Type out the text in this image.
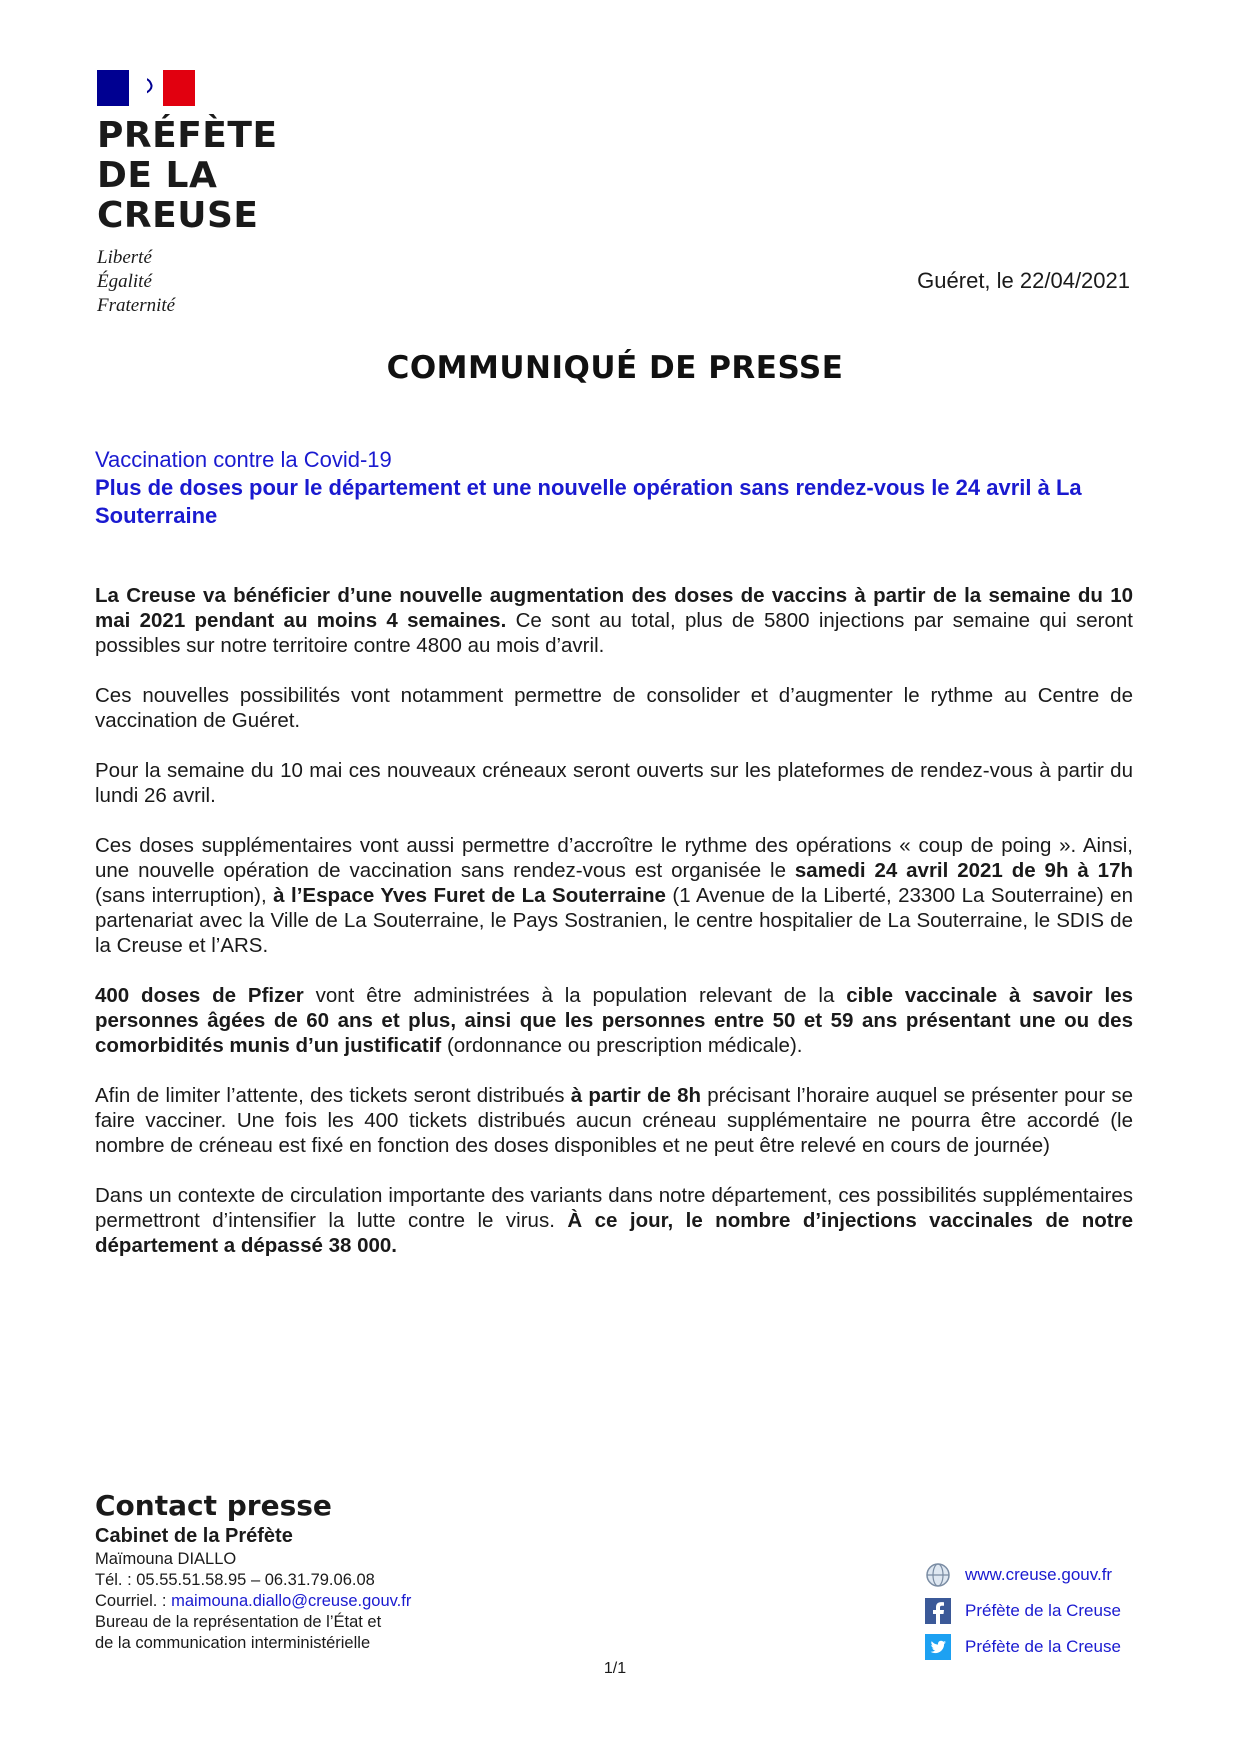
PRÉFÈTE
DE LA CREUSE
Liberté
Égalité
Fraternité
Guéret, le 22/04/2021
COMMUNIQUÉ DE PRESSE
Vaccination contre la Covid-19
Plus de doses pour le département et une nouvelle opération sans rendez-vous le 24 avril à La Souterraine

La Creuse va bénéficier d’une nouvelle augmentation des doses de vaccins à partir de la semaine du 10 mai 2021 pendant au moins 4 semaines. Ce sont au total, plus de 5800 injections par semaine qui seront possibles sur notre territoire contre 4800 au mois d’avril.

Ces nouvelles possibilités vont notamment permettre de consolider et d’augmenter le rythme au Centre de vaccination de Guéret.

Pour la semaine du 10 mai ces nouveaux créneaux seront ouverts sur les plateformes de rendez-vous à partir du lundi 26 avril.

Ces doses supplémentaires vont aussi permettre d’accroître le rythme des opérations « coup de poing ». Ainsi, une nouvelle opération de vaccination sans rendez-vous est organisée le samedi 24 avril 2021 de 9h à 17h (sans interruption), à l’Espace Yves Furet de La Souterraine (1 Avenue de la Liberté, 23300 La Souterraine) en partenariat avec la Ville de La Souterraine, le Pays Sostranien, le centre hospitalier de La Souterraine, le SDIS de la Creuse et l’ARS.

400 doses de Pfizer vont être administrées à la population relevant de la cible vaccinale à savoir les personnes âgées de 60 ans et plus, ainsi que les personnes entre 50 et 59 ans présentant une ou des comorbidités munis d’un justificatif (ordonnance ou prescription médicale).

Afin de limiter l’attente, des tickets seront distribués à partir de 8h précisant l’horaire auquel se présenter pour se faire vacciner. Une fois les 400 tickets distribués aucun créneau supplémentaire ne pourra être accordé (le nombre de créneau est fixé en fonction des doses disponibles et ne peut être relevé en cours de journée)

Dans un contexte de circulation importante des variants dans notre département, ces possibilités supplémentaires permettront d’intensifier la lutte contre le virus. À ce jour, le nombre d’injections vaccinales de notre département a dépassé 38 000.

Contact presse
Cabinet de la Préfète
Maïmouna DIALLO
Tél. : 05.55.51.58.95 – 06.31.79.06.08
Courriel. : maimouna.diallo@creuse.gouv.fr
Bureau de la représentation de l’État et
de la communication interministérielle
www.creuse.gouv.fr
Préfète de la Creuse
Préfète de la Creuse
1/1
